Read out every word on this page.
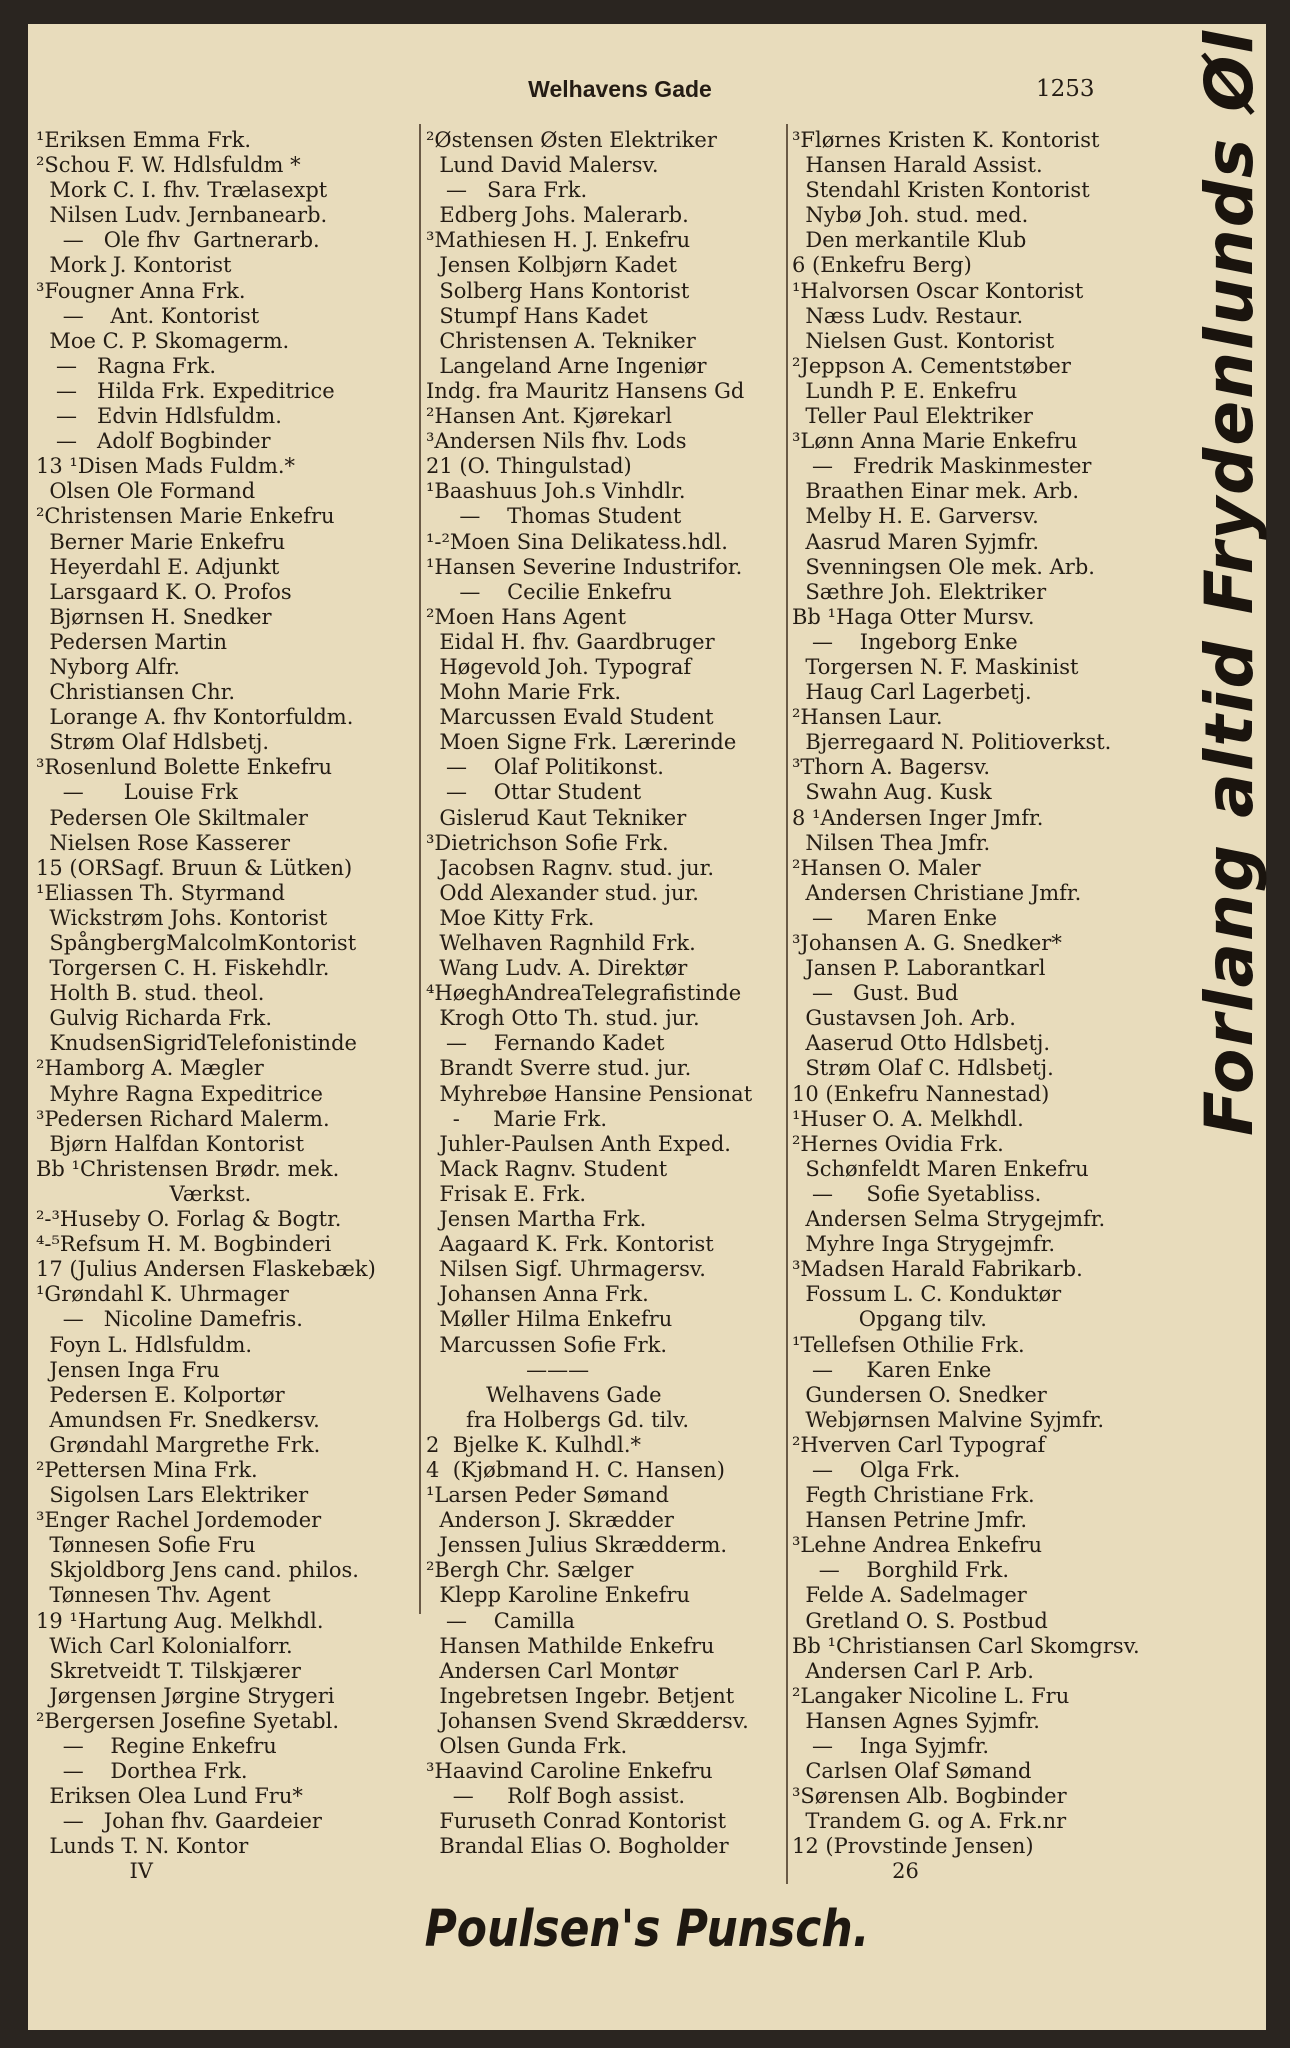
Welhavens Gade	1253
¹Eriksen Emma Frk.
²Schou F. W. Hdlsfuldm *
Mork C. I. fhv. Trælasexpt
Nilsen Ludv. Jernbanearb.
—   Ole fhv  Gartnerarb.
Mork J. Kontorist
³Fougner Anna Frk.
—    Ant. Kontorist
Moe C. P. Skomagerm.
—   Ragna Frk.
—   Hilda Frk. Expeditrice
—   Edvin Hdlsfuldm.
—   Adolf Bogbinder
13 ¹Disen Mads Fuldm.*
Olsen Ole Formand
²Christensen Marie Enkefru
Berner Marie Enkefru
Heyerdahl E. Adjunkt
Larsgaard K. O. Profos
Bjørnsen H. Snedker
Pedersen Martin
Nyborg Alfr.
Christiansen Chr.
Lorange A. fhv Kontorfuldm.
Strøm Olaf Hdlsbetj.
³Rosenlund Bolette Enkefru
—      Louise Frk
Pedersen Ole Skiltmaler
Nielsen Rose Kasserer
15 (ORSagf. Bruun & Lütken)
¹Eliassen Th. Styrmand
Wickstrøm Johs. Kontorist
SpångbergMalcolmKontorist
Torgersen C. H. Fiskehdlr.
Holth B. stud. theol.
Gulvig Richarda Frk.
KnudsenSigridTelefonistinde
²Hamborg A. Mægler
Myhre Ragna Expeditrice
³Pedersen Richard Malerm.
Bjørn Halfdan Kontorist
Bb ¹Christensen Brødr. mek.
Værkst.
²-³Huseby O. Forlag & Bogtr.
⁴-⁵Refsum H. M. Bogbinderi
17 (Julius Andersen Flaskebæk)
¹Grøndahl K. Uhrmager
—   Nicoline Damefris.
Foyn L. Hdlsfuldm.
Jensen Inga Fru
Pedersen E. Kolportør
Amundsen Fr. Snedkersv.
Grøndahl Margrethe Frk.
²Pettersen Mina Frk.
Sigolsen Lars Elektriker
³Enger Rachel Jordemoder
Tønnesen Sofie Fru
Skjoldborg Jens cand. philos.
Tønnesen Thv. Agent
19 ¹Hartung Aug. Melkhdl.
Wich Carl Kolonialforr.
Skretveidt T. Tilskjærer
Jørgensen Jørgine Strygeri
²Bergersen Josefine Syetabl.
—    Regine Enkefru
—    Dorthea Frk.
Eriksen Olea Lund Fru*
—   Johan fhv. Gaardeier
Lunds T. N. Kontor
IV
²Østensen Østen Elektriker
Lund David Malersv.
—   Sara Frk.
Edberg Johs. Malerarb.
³Mathiesen H. J. Enkefru
Jensen Kolbjørn Kadet
Solberg Hans Kontorist
Stumpf Hans Kadet
Christensen A. Tekniker
Langeland Arne Ingeniør
Indg. fra Mauritz Hansens Gd
²Hansen Ant. Kjørekarl
³Andersen Nils fhv. Lods
21 (O. Thingulstad)
¹Baashuus Joh.s Vinhdlr.
—    Thomas Student
¹-²Moen Sina Delikatess.hdl.
¹Hansen Severine Industrifor.
—    Cecilie Enkefru
²Moen Hans Agent
Eidal H. fhv. Gaardbruger
Høgevold Joh. Typograf
Mohn Marie Frk.
Marcussen Evald Student
Moen Signe Frk. Lærerinde
—    Olaf Politikonst.
—    Ottar Student
Gislerud Kaut Tekniker
³Dietrichson Sofie Frk.
Jacobsen Ragnv. stud. jur.
Odd Alexander stud. jur.
Moe Kitty Frk.
Welhaven Ragnhild Frk.
Wang Ludv. A. Direktør
⁴HøeghAndreaTelegrafistinde
Krogh Otto Th. stud. jur.
—    Fernando Kadet
Brandt Sverre stud. jur.
Myhrebøe Hansine Pensionat
-     Marie Frk.
Juhler-Paulsen Anth Exped.
Mack Ragnv. Student
Frisak E. Frk.
Jensen Martha Frk.
Aagaard K. Frk. Kontorist
Nilsen Sigf. Uhrmagersv.
Johansen Anna Frk.
Møller Hilma Enkefru
Marcussen Sofie Frk.
———
Welhavens Gade
fra Holbergs Gd. tilv.
2  Bjelke K. Kulhdl.*
4  (Kjøbmand H. C. Hansen)
¹Larsen Peder Sømand
Anderson J. Skrædder
Jenssen Julius Skrædderm.
²Bergh Chr. Sælger
Klepp Karoline Enkefru
—    Camilla
Hansen Mathilde Enkefru
Andersen Carl Montør
Ingebretsen Ingebr. Betjent
Johansen Svend Skræddersv.
Olsen Gunda Frk.
³Haavind Caroline Enkefru
—     Rolf Bogh assist.
Furuseth Conrad Kontorist
Brandal Elias O. Bogholder
³Flørnes Kristen K. Kontorist
Hansen Harald Assist.
Stendahl Kristen Kontorist
Nybø Joh. stud. med.
Den merkantile Klub
6 (Enkefru Berg)
¹Halvorsen Oscar Kontorist
Næss Ludv. Restaur.
Nielsen Gust. Kontorist
²Jeppson A. Cementstøber
Lundh P. E. Enkefru
Teller Paul Elektriker
³Lønn Anna Marie Enkefru
—   Fredrik Maskinmester
Braathen Einar mek. Arb.
Melby H. E. Garversv.
Aasrud Maren Syjmfr.
Svenningsen Ole mek. Arb.
Sæthre Joh. Elektriker
Bb ¹Haga Otter Mursv.
—    Ingeborg Enke
Torgersen N. F. Maskinist
Haug Carl Lagerbetj.
²Hansen Laur.
Bjerregaard N. Politioverkst.
³Thorn A. Bagersv.
Swahn Aug. Kusk
8 ¹Andersen Inger Jmfr.
Nilsen Thea Jmfr.
²Hansen O. Maler
Andersen Christiane Jmfr.
—     Maren Enke
³Johansen A. G. Snedker*
Jansen P. Laborantkarl
—   Gust. Bud
Gustavsen Joh. Arb.
Aaserud Otto Hdlsbetj.
Strøm Olaf C. Hdlsbetj.
10 (Enkefru Nannestad)
¹Huser O. A. Melkhdl.
²Hernes Ovidia Frk.
Schønfeldt Maren Enkefru
—     Sofie Syetabliss.
Andersen Selma Strygejmfr.
Myhre Inga Strygejmfr.
³Madsen Harald Fabrikarb.
Fossum L. C. Konduktør
Opgang tilv.
¹Tellefsen Othilie Frk.
—     Karen Enke
Gundersen O. Snedker
Webjørnsen Malvine Syjmfr.
²Hverven Carl Typograf
—    Olga Frk.
Fegth Christiane Frk.
Hansen Petrine Jmfr.
³Lehne Andrea Enkefru
—    Borghild Frk.
Felde A. Sadelmager
Gretland O. S. Postbud
Bb ¹Christiansen Carl Skomgrsv.
Andersen Carl P. Arb.
²Langaker Nicoline L. Fru
Hansen Agnes Syjmfr.
—    Inga Syjmfr.
Carlsen Olaf Sømand
³Sørensen Alb. Bogbinder
Trandem G. og A. Frk.nr
12 (Provstinde Jensen)
26
Forlang altid Frydenlunds Øl
Poulsen's Punsch.
